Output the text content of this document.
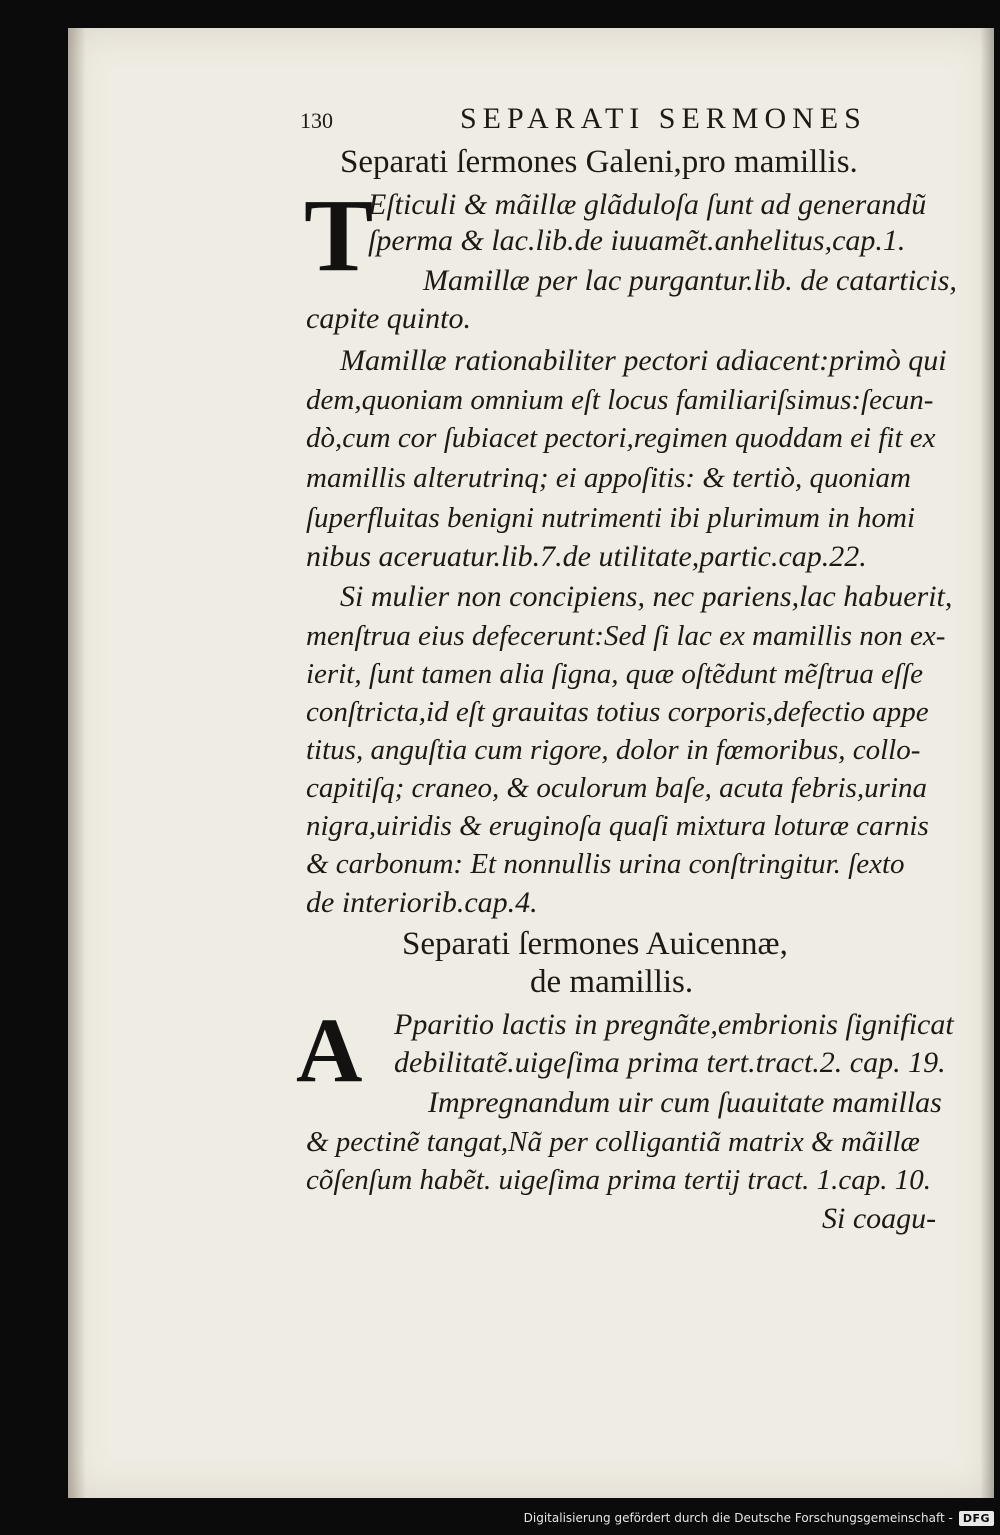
130	SEPARATI SERMONES
Separati ſermones Galeni,pro mamillis.
T
Eſticuli & mãillæ glãduloſa ſunt ad generandũ
ſperma & lac.lib.de iuuamẽt.anhelitus,cap.1.
Mamillæ per lac purgantur.lib. de catarticis,
capite quinto.
Mamillæ rationabiliter pectori adiacent:primò qui
dem,quoniam omnium eſt locus familiariſsimus:ſecun-
dò,cum cor ſubiacet pectori,regimen quoddam ei fit ex
mamillis alterutrinq; ei appoſitis: & tertiò, quoniam
ſuperfluitas benigni nutrimenti ibi plurimum in homi
nibus aceruatur.lib.7.de utilitate,partic.cap.22.
Si mulier non concipiens, nec pariens,lac habuerit,
menſtrua eius defecerunt:Sed ſi lac ex mamillis non ex-
ierit, ſunt tamen alia ſigna, quæ oſtẽdunt mẽſtrua eſſe
conſtricta,id eſt grauitas totius corporis,defectio appe
titus, anguſtia cum rigore, dolor in fœmoribus, collo-
capitiſq; craneo, & oculorum baſe, acuta febris,urina
nigra,uiridis & eruginoſa quaſi mixtura loturæ carnis
& carbonum: Et nonnullis urina conſtringitur. ſexto
de interiorib.cap.4.
Separati ſermones Auicennæ,
de mamillis.
A Pparitio lactis in pregnãte,embrionis ſignificat
debilitatẽ.uigeſima prima tert.tract.2. cap. 19.
Impregnandum uir cum ſuauitate mamillas
& pectinẽ tangat,Nã per colligantiã matrix & mãillæ
cõſenſum habẽt. uigeſima prima tertij tract. 1.cap. 10.
Si coagu-
Digitalisierung gefördert durch die Deutsche Forschungsgemeinschaft - DFG
